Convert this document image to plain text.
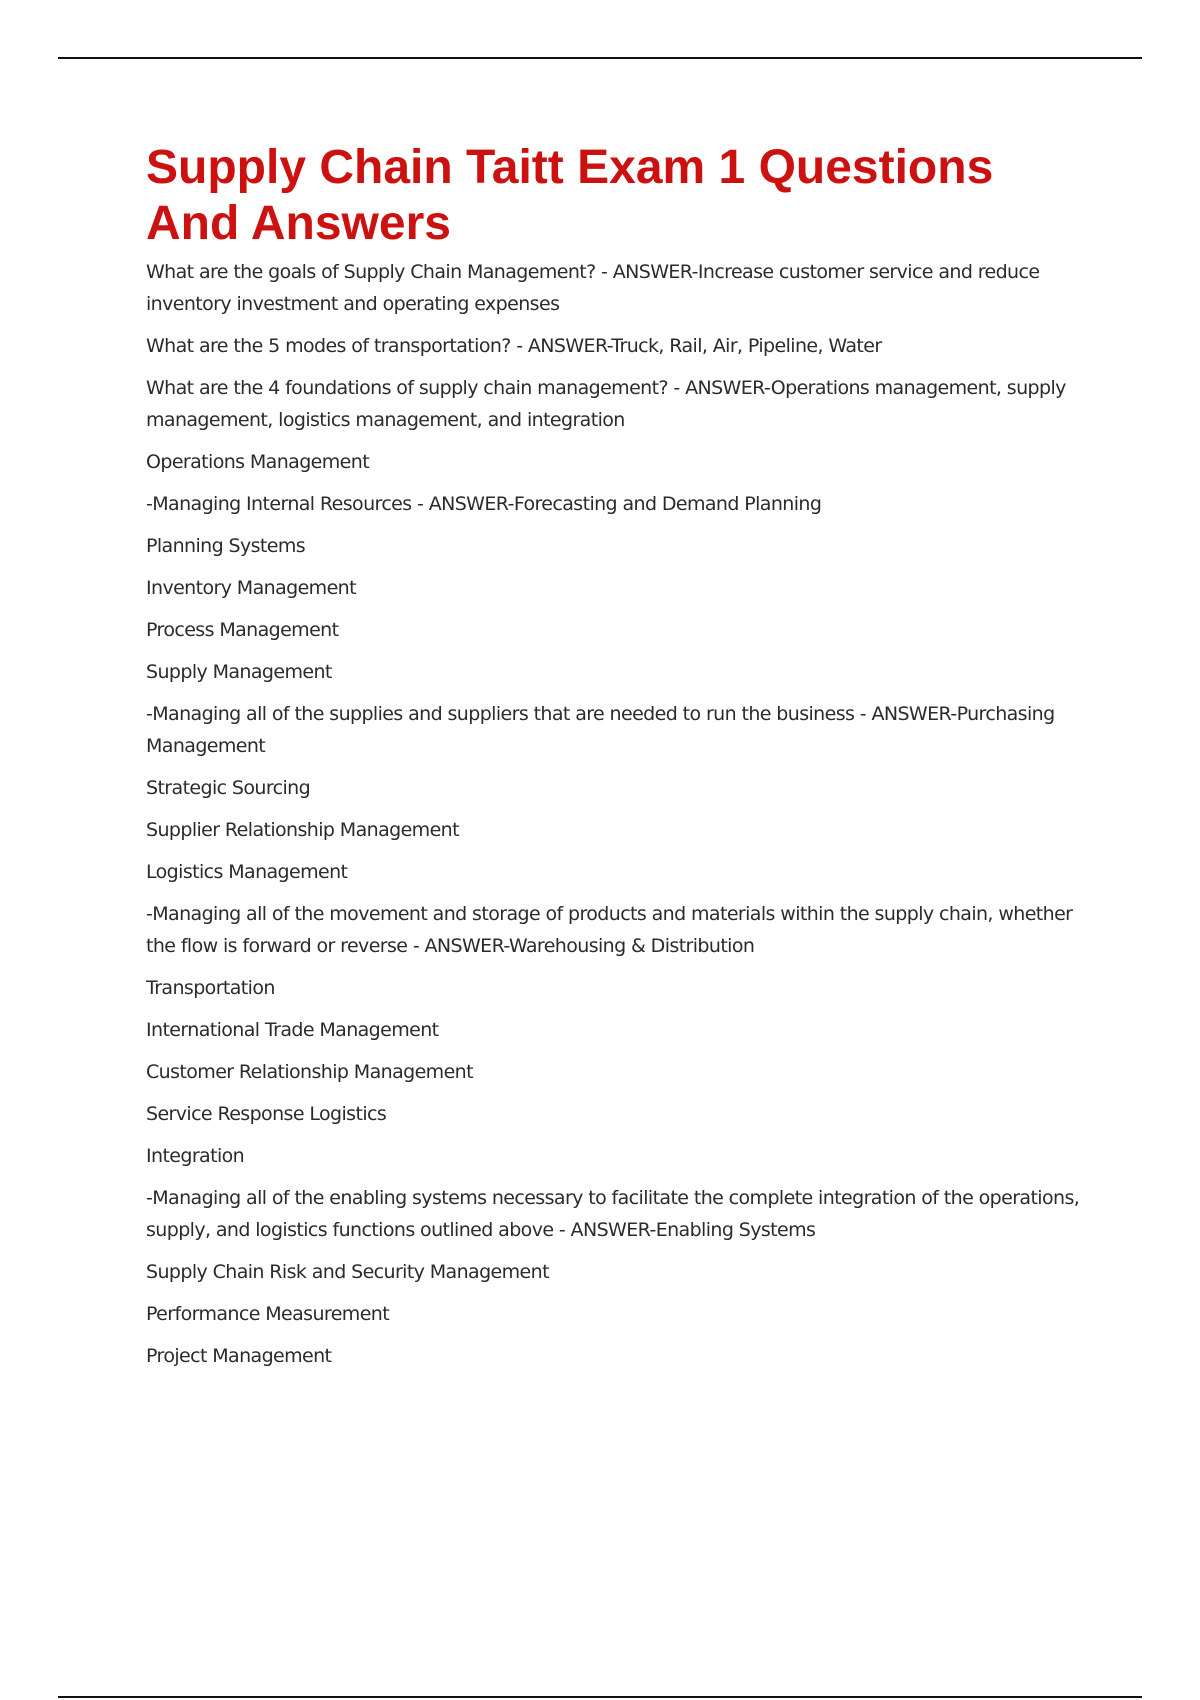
Supply Chain Taitt Exam 1 Questions And Answers

What are the goals of Supply Chain Management? - ANSWER-Increase customer service and reduce inventory investment and operating expenses

What are the 5 modes of transportation? - ANSWER-Truck, Rail, Air, Pipeline, Water

What are the 4 foundations of supply chain management? - ANSWER-Operations management, supply management, logistics management, and integration

Operations Management

-Managing Internal Resources - ANSWER-Forecasting and Demand Planning

Planning Systems

Inventory Management

Process Management

Supply Management

-Managing all of the supplies and suppliers that are needed to run the business - ANSWER-Purchasing Management

Strategic Sourcing

Supplier Relationship Management

Logistics Management

-Managing all of the movement and storage of products and materials within the supply chain, whether the flow is forward or reverse - ANSWER-Warehousing & Distribution

Transportation

International Trade Management

Customer Relationship Management

Service Response Logistics

Integration

-Managing all of the enabling systems necessary to facilitate the complete integration of the operations, supply, and logistics functions outlined above - ANSWER-Enabling Systems

Supply Chain Risk and Security Management

Performance Measurement

Project Management
